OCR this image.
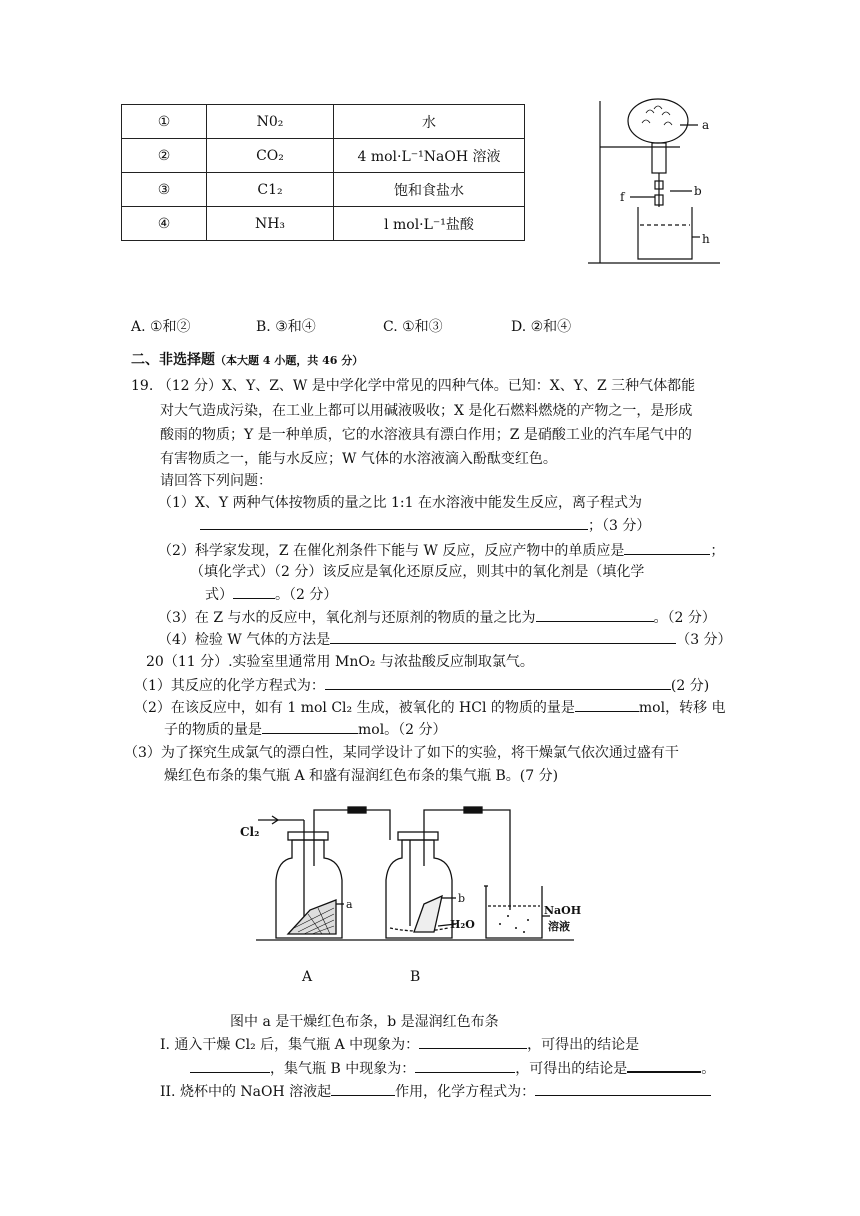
①	N0₂	水
②	CO₂	4 mol·L⁻¹NaOH 溶液
③	C1₂	饱和食盐水
④	NH₃	l mol·L⁻¹盐酸
a
b
f
h
A. ①和②	B. ③和④	C. ①和③	D. ②和④
二、非选择题（本大题 4 小题，共 46 分）
19. （12 分）X、Y、Z、W 是中学化学中常见的四种气体。已知：X、Y、Z 三种气体都能
对大气造成污染，在工业上都可以用碱液吸收；X 是化石燃料燃烧的产物之一，是形成
酸雨的物质；Y 是一种单质，它的水溶液具有漂白作用；Z 是硝酸工业的汽车尾气中的
有害物质之一，能与水反应；W 气体的水溶液滴入酚酞变红色。
请回答下列问题：
（1）X、Y 两种气体按物质的量之比 1:1 在水溶液中能发生反应，离子程式为
；（3 分）
（2）科学家发现，Z 在催化剂条件下能与 W 反应，反应产物中的单质应是	；
（填化学式）（2 分）该反应是氧化还原反应，则其中的氧化剂是（填化学
式）	。（2 分）
（3）在 Z 与水的反应中，氧化剂与还原剂的物质的量之比为	。（2 分）
（4）检验 W 气体的方法是	（3 分）
20（11 分）.实验室里通常用 MnO₂ 与浓盐酸反应制取氯气。
（1）其反应的化学方程式为：	(2 分)
（2）在该反应中，如有 1 mol Cl₂ 生成，被氧化的 HCl 的物质的量是	mol，转移 电
子的物质的量是	mol。（2 分）
（3）为了探究生成氯气的漂白性，某同学设计了如下的实验，将干燥氯气依次通过盛有干
燥红色布条的集气瓶 A 和盛有湿润红色布条的集气瓶 B。(7 分)
Cl₂
a	b
H₂O
NaOH
溶液
A	B
图中 a 是干燥红色布条，b 是湿润红色布条
I. 通入干燥 Cl₂ 后，集气瓶 A 中现象为：	，可得出的结论是
，集气瓶 B 中现象为：	，可得出的结论是	。
II. 烧杯中的 NaOH 溶液起	作用，化学方程式为：
